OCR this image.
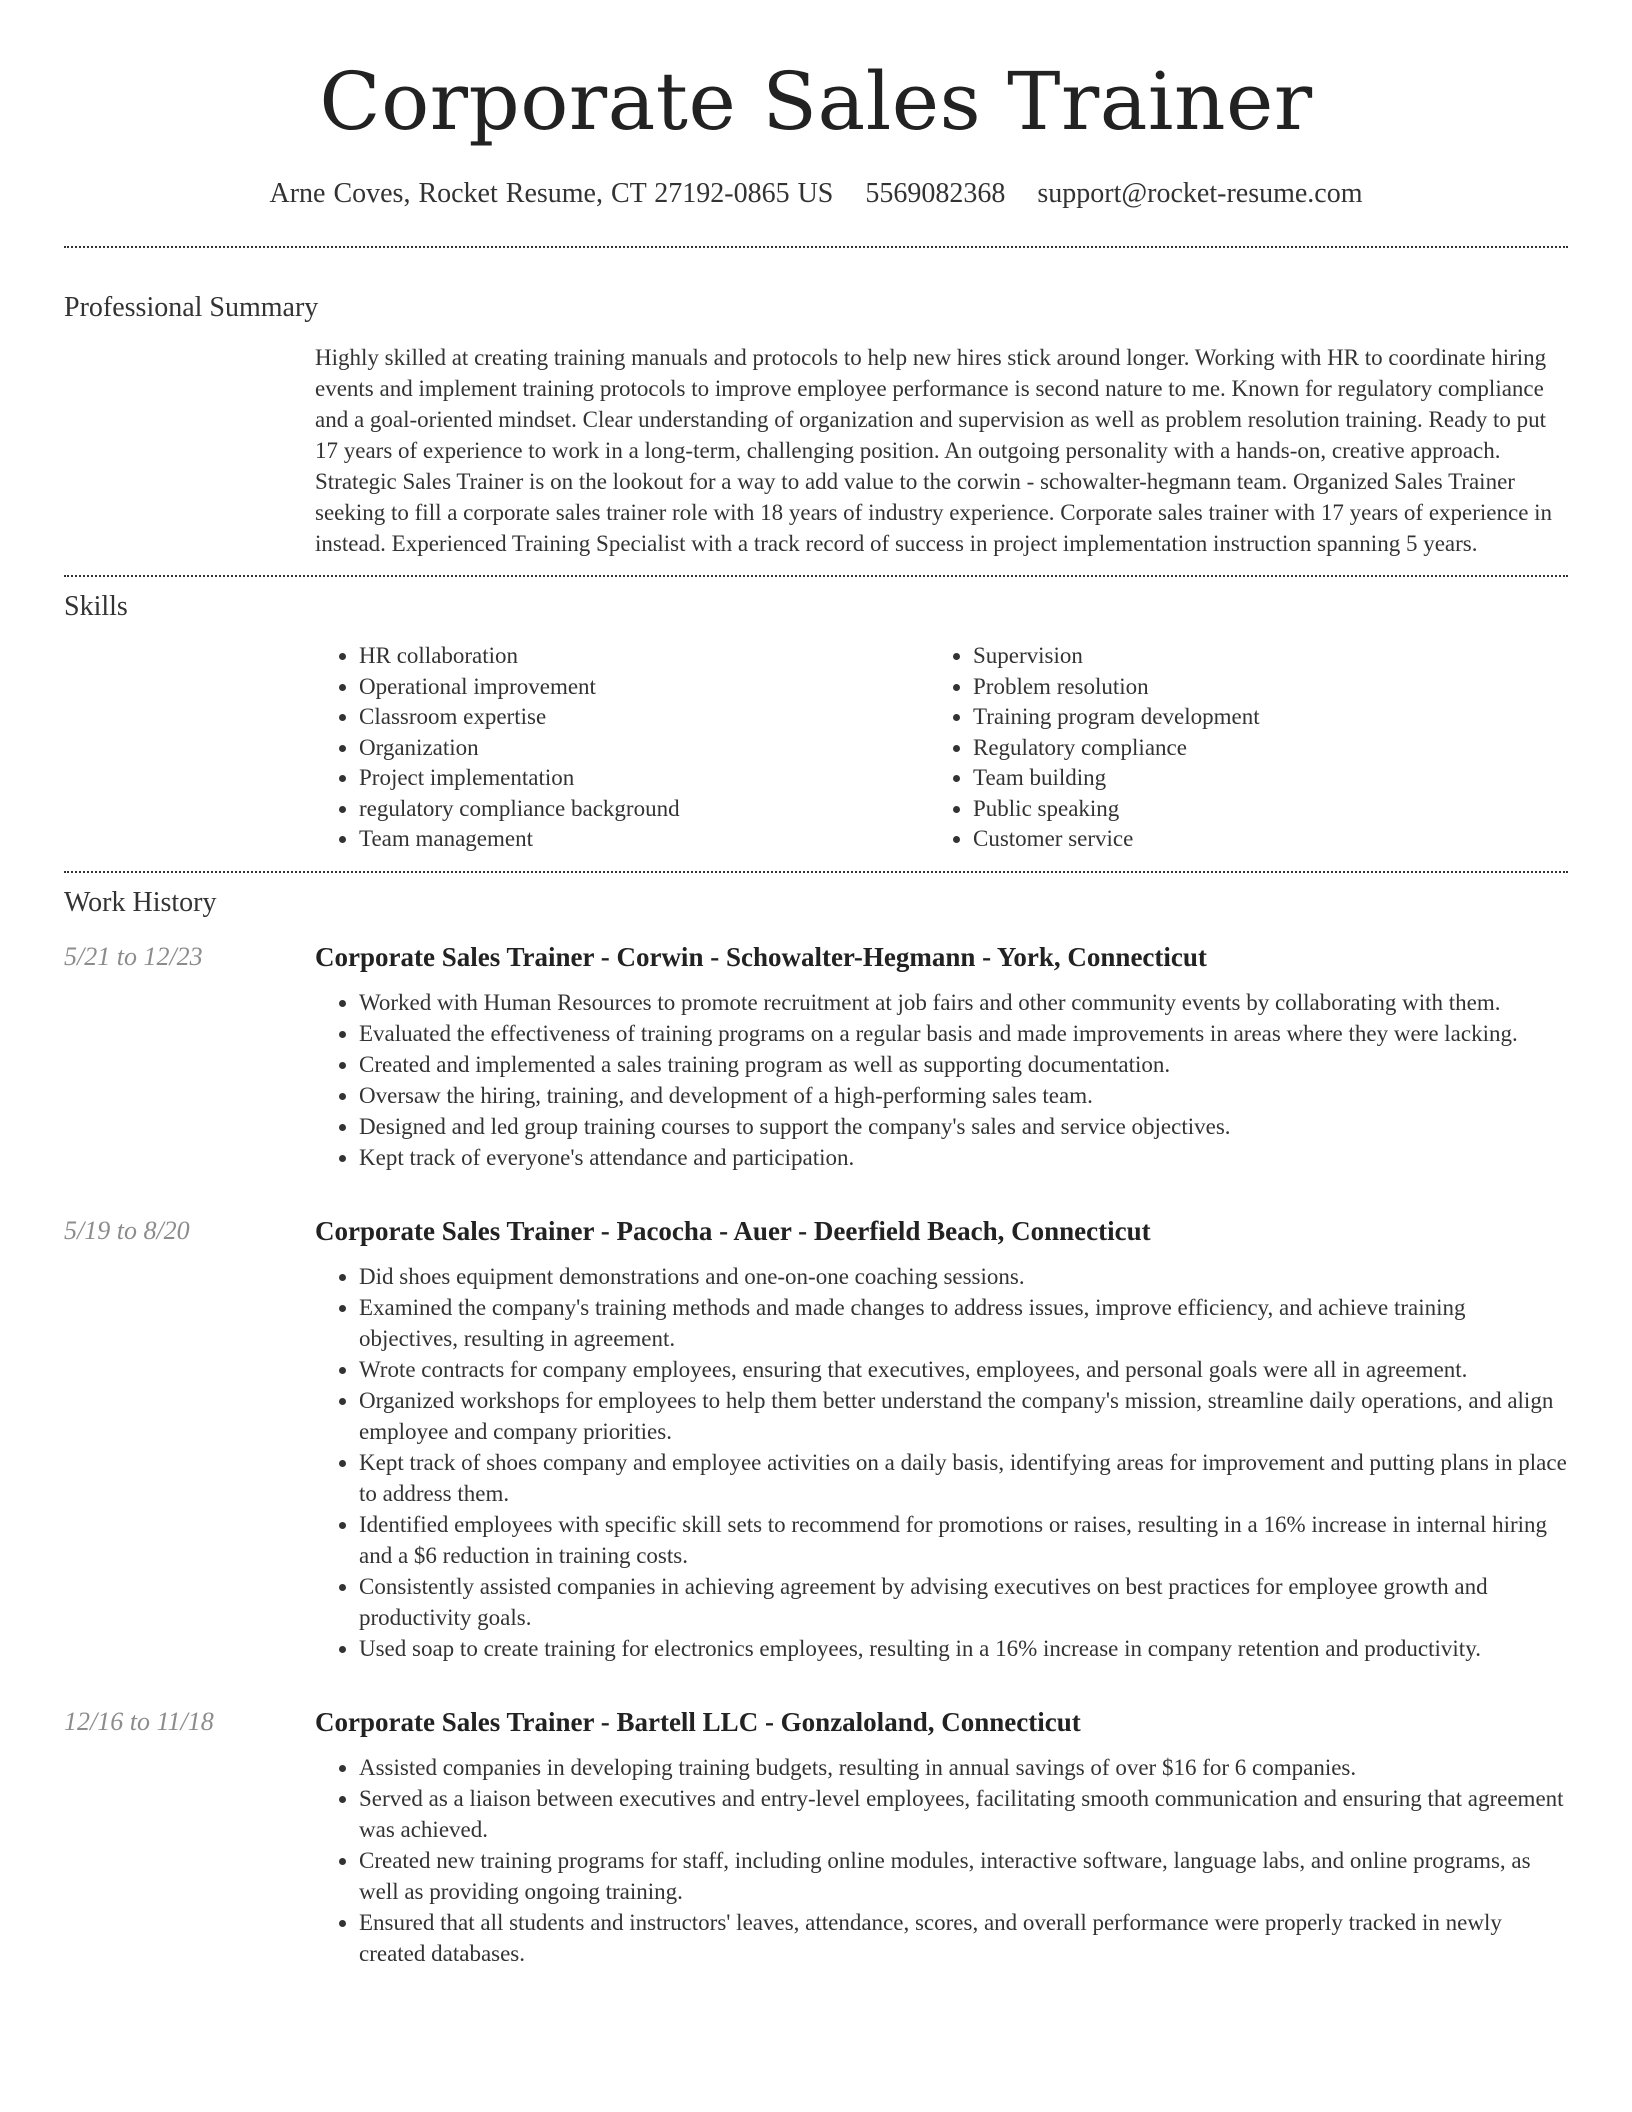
Corporate Sales Trainer
Arne Coves, Rocket Resume, CT 27192-0865 US 5569082368 support@rocket-resume.com
Professional Summary
Highly skilled at creating training manuals and protocols to help new hires stick around longer. Working with HR to coordinate hiring events and implement training protocols to improve employee performance is second nature to me. Known for regulatory compliance and a goal-oriented mindset. Clear understanding of organization and supervision as well as problem resolution training. Ready to put 17 years of experience to work in a long-term, challenging position. An outgoing personality with a hands-on, creative approach. Strategic Sales Trainer is on the lookout for a way to add value to the corwin - schowalter-hegmann team. Organized Sales Trainer seeking to fill a corporate sales trainer role with 18 years of industry experience. Corporate sales trainer with 17 years of experience in instead. Experienced Training Specialist with a track record of success in project implementation instruction spanning 5 years.
Skills
• HR collaboration
• Operational improvement
• Classroom expertise
• Organization
• Project implementation
• regulatory compliance background
• Team management
• Supervision
• Problem resolution
• Training program development
• Regulatory compliance
• Team building
• Public speaking
• Customer service
Work History
5/21 to 12/23	Corporate Sales Trainer - Corwin - Schowalter-Hegmann - York, Connecticut
• Worked with Human Resources to promote recruitment at job fairs and other community events by collaborating with them.
• Evaluated the effectiveness of training programs on a regular basis and made improvements in areas where they were lacking.
• Created and implemented a sales training program as well as supporting documentation.
• Oversaw the hiring, training, and development of a high-performing sales team.
• Designed and led group training courses to support the company's sales and service objectives.
• Kept track of everyone's attendance and participation.
5/19 to 8/20	Corporate Sales Trainer - Pacocha - Auer - Deerfield Beach, Connecticut
• Did shoes equipment demonstrations and one-on-one coaching sessions.
• Examined the company's training methods and made changes to address issues, improve efficiency, and achieve training objectives, resulting in agreement.
• Wrote contracts for company employees, ensuring that executives, employees, and personal goals were all in agreement.
• Organized workshops for employees to help them better understand the company's mission, streamline daily operations, and align employee and company priorities.
• Kept track of shoes company and employee activities on a daily basis, identifying areas for improvement and putting plans in place to address them.
• Identified employees with specific skill sets to recommend for promotions or raises, resulting in a 16% increase in internal hiring and a $6 reduction in training costs.
• Consistently assisted companies in achieving agreement by advising executives on best practices for employee growth and productivity goals.
• Used soap to create training for electronics employees, resulting in a 16% increase in company retention and productivity.
12/16 to 11/18	Corporate Sales Trainer - Bartell LLC - Gonzaloland, Connecticut
• Assisted companies in developing training budgets, resulting in annual savings of over $16 for 6 companies.
• Served as a liaison between executives and entry-level employees, facilitating smooth communication and ensuring that agreement was achieved.
• Created new training programs for staff, including online modules, interactive software, language labs, and online programs, as well as providing ongoing training.
• Ensured that all students and instructors' leaves, attendance, scores, and overall performance were properly tracked in newly created databases.
